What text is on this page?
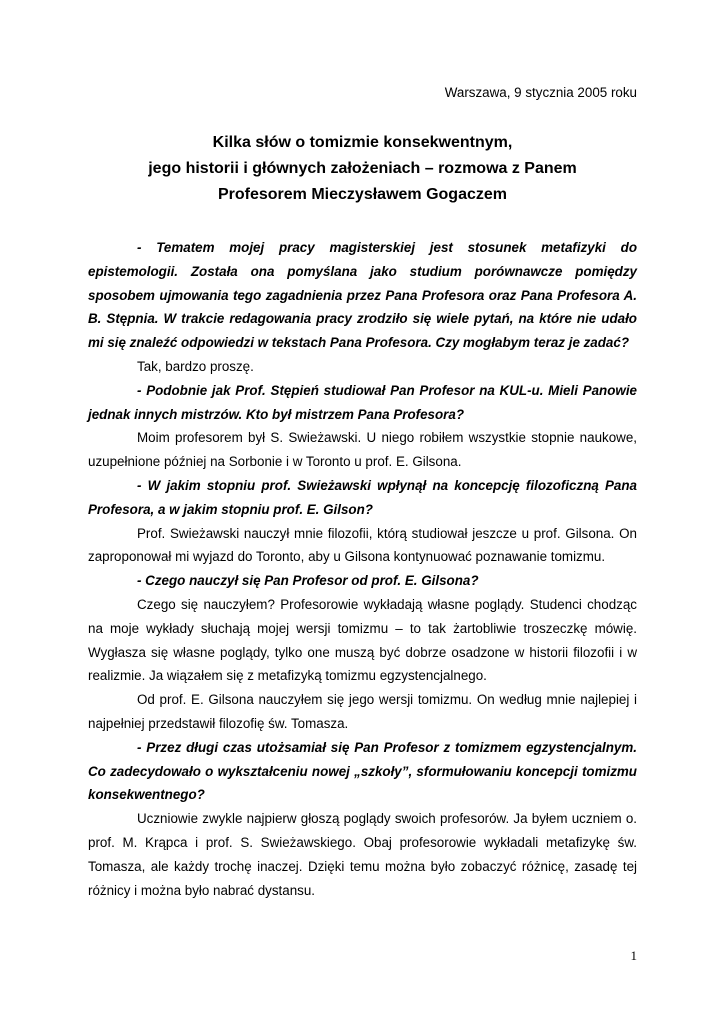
Warszawa, 9 stycznia 2005 roku
Kilka słów o tomizmie konsekwentnym,
jego historii i głównych założeniach – rozmowa z Panem
Profesorem Mieczysławem Gogaczem

- Tematem mojej pracy magisterskiej jest stosunek metafizyki do epistemologii. Została ona pomyślana jako studium porównawcze pomiędzy sposobem ujmowania tego zagadnienia przez Pana Profesora oraz Pana Profesora A. B. Stępnia. W trakcie redagowania pracy zrodziło się wiele pytań, na które nie udało mi się znaleźć odpowiedzi w tekstach Pana Profesora. Czy mogłabym teraz je zadać?

Tak, bardzo proszę.

- Podobnie jak Prof. Stępień studiował Pan Profesor na KUL-u. Mieli Panowie jednak innych mistrzów. Kto był mistrzem Pana Profesora?

Moim profesorem był S. Swieżawski. U niego robiłem wszystkie stopnie naukowe, uzupełnione później na Sorbonie i w Toronto u prof. E. Gilsona.

- W jakim stopniu prof. Swieżawski wpłynął na koncepcję filozoficzną Pana Profesora, a w jakim stopniu prof. E. Gilson?

Prof. Swieżawski nauczył mnie filozofii, którą studiował jeszcze u prof. Gilsona. On zaproponował mi wyjazd do Toronto, aby u Gilsona kontynuować poznawanie tomizmu.

- Czego nauczył się Pan Profesor od prof. E. Gilsona?

Czego się nauczyłem? Profesorowie wykładają własne poglądy. Studenci chodząc na moje wykłady słuchają mojej wersji tomizmu – to tak żartobliwie troszeczkę mówię. Wygłasza się własne poglądy, tylko one muszą być dobrze osadzone w historii filozofii i w realizmie. Ja wiązałem się z metafizyką tomizmu egzystencjalnego.

Od prof. E. Gilsona nauczyłem się jego wersji tomizmu. On według mnie najlepiej i najpełniej przedstawił filozofię św. Tomasza.

- Przez długi czas utożsamiał się Pan Profesor z tomizmem egzystencjalnym. Co zadecydowało o wykształceniu nowej „szkoły”, sformułowaniu koncepcji tomizmu konsekwentnego?

Uczniowie zwykle najpierw głoszą poglądy swoich profesorów. Ja byłem uczniem o. prof. M. Krąpca i prof. S. Swieżawskiego. Obaj profesorowie wykładali metafizykę św. Tomasza, ale każdy trochę inaczej. Dzięki temu można było zobaczyć różnicę, zasadę tej różnicy i można było nabrać dystansu.

1
